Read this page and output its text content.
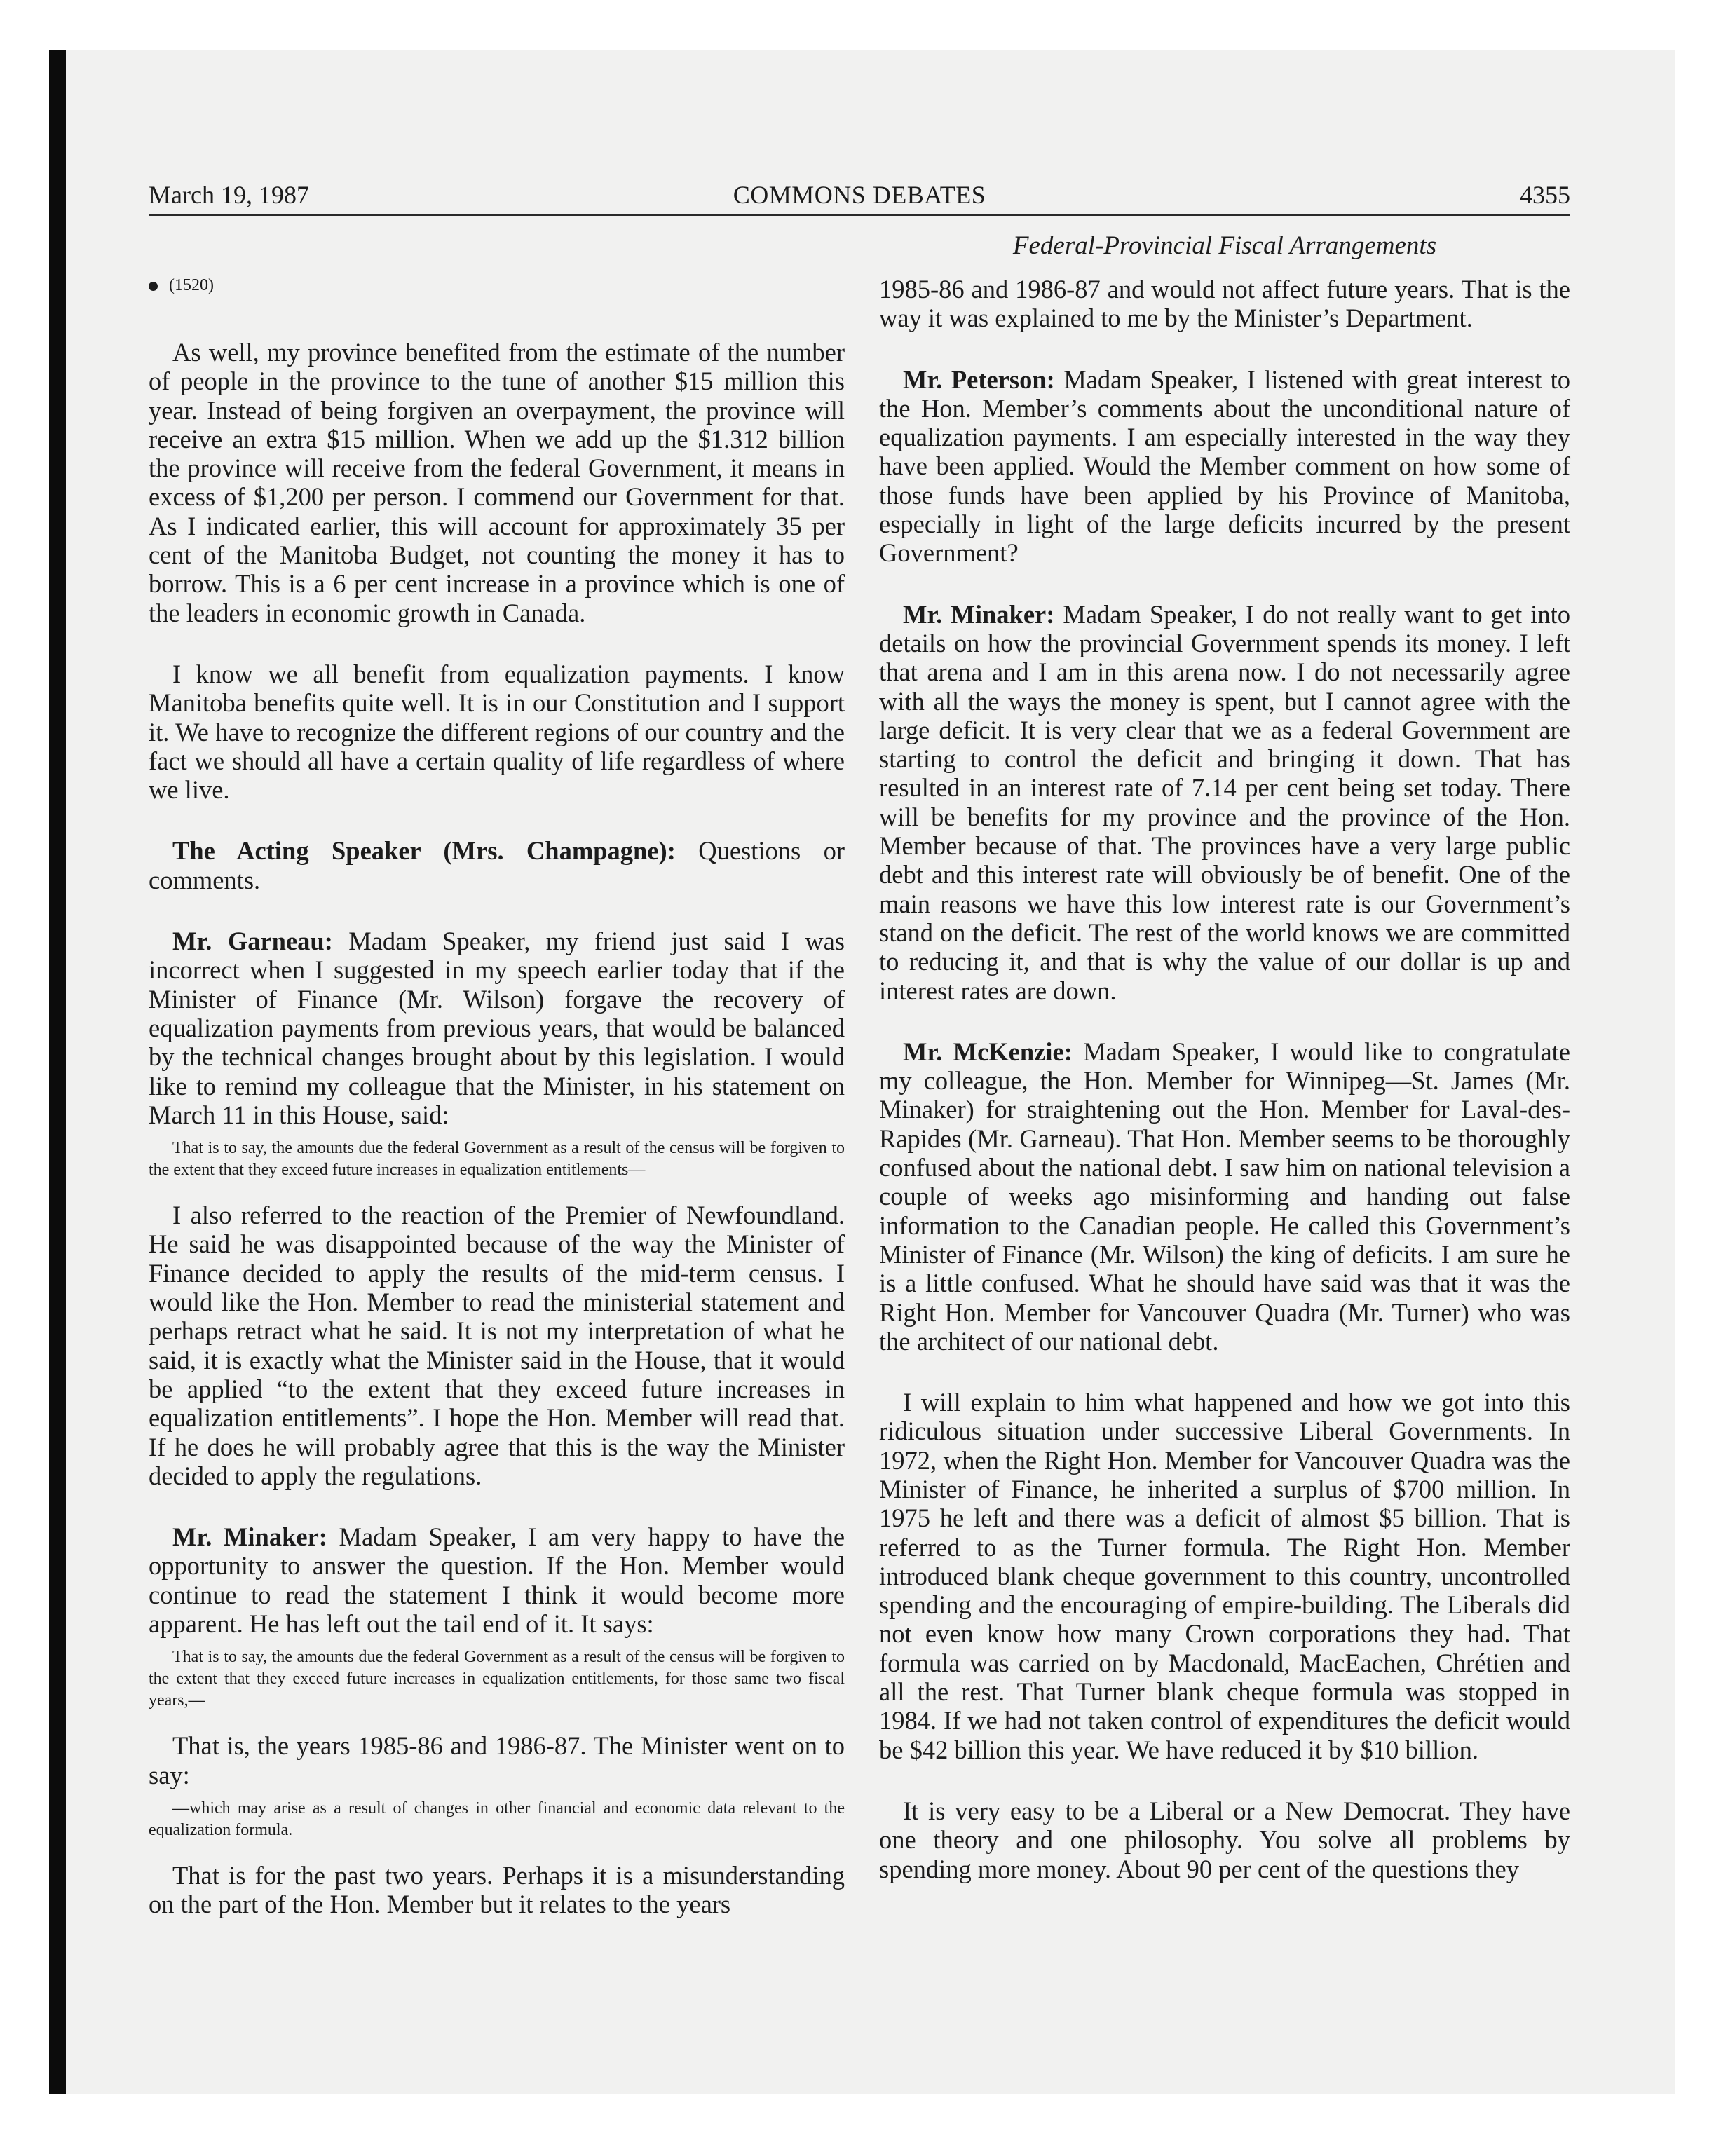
March 19, 1987	COMMONS DEBATES	4355
Federal-Provincial Fiscal Arrangements
(1520)

As well, my province benefited from the estimate of the number of people in the province to the tune of another $15 million this year. Instead of being forgiven an overpayment, the province will receive an extra $15 million. When we add up the $1.312 billion the province will receive from the federal Government, it means in excess of $1,200 per person. I commend our Government for that. As I indicated earlier, this will account for approximately 35 per cent of the Manitoba Budget, not counting the money it has to borrow. This is a 6 per cent increase in a province which is one of the leaders in economic growth in Canada.

I know we all benefit from equalization payments. I know Manitoba benefits quite well. It is in our Constitution and I support it. We have to recognize the different regions of our country and the fact we should all have a certain quality of life regardless of where we live.

The Acting Speaker (Mrs. Champagne): Questions or comments.

Mr. Garneau: Madam Speaker, my friend just said I was incorrect when I suggested in my speech earlier today that if the Minister of Finance (Mr. Wilson) forgave the recovery of equalization payments from previous years, that would be balanced by the technical changes brought about by this legislation. I would like to remind my colleague that the Minister, in his statement on March 11 in this House, said:

That is to say, the amounts due the federal Government as a result of the census will be forgiven to the extent that they exceed future increases in equalization entitlements—

I also referred to the reaction of the Premier of Newfoundland. He said he was disappointed because of the way the Minister of Finance decided to apply the results of the mid-term census. I would like the Hon. Member to read the ministerial statement and perhaps retract what he said. It is not my interpretation of what he said, it is exactly what the Minister said in the House, that it would be applied “to the extent that they exceed future increases in equalization entitlements”. I hope the Hon. Member will read that. If he does he will probably agree that this is the way the Minister decided to apply the regulations.

Mr. Minaker: Madam Speaker, I am very happy to have the opportunity to answer the question. If the Hon. Member would continue to read the statement I think it would become more apparent. He has left out the tail end of it. It says:

That is to say, the amounts due the federal Government as a result of the census will be forgiven to the extent that they exceed future increases in equalization entitlements, for those same two fiscal years,—

That is, the years 1985-86 and 1986-87. The Minister went on to say:

—which may arise as a result of changes in other financial and economic data relevant to the equalization formula.

That is for the past two years. Perhaps it is a misunderstanding on the part of the Hon. Member but it relates to the years

1985-86 and 1986-87 and would not affect future years. That is the way it was explained to me by the Minister’s Department.

Mr. Peterson: Madam Speaker, I listened with great interest to the Hon. Member’s comments about the unconditional nature of equalization payments. I am especially interested in the way they have been applied. Would the Member comment on how some of those funds have been applied by his Province of Manitoba, especially in light of the large deficits incurred by the present Government?

Mr. Minaker: Madam Speaker, I do not really want to get into details on how the provincial Government spends its money. I left that arena and I am in this arena now. I do not necessarily agree with all the ways the money is spent, but I cannot agree with the large deficit. It is very clear that we as a federal Government are starting to control the deficit and bringing it down. That has resulted in an interest rate of 7.14 per cent being set today. There will be benefits for my province and the province of the Hon. Member because of that. The provinces have a very large public debt and this interest rate will obviously be of benefit. One of the main reasons we have this low interest rate is our Government’s stand on the deficit. The rest of the world knows we are committed to reducing it, and that is why the value of our dollar is up and interest rates are down.

Mr. McKenzie: Madam Speaker, I would like to congratulate my colleague, the Hon. Member for Winnipeg—St. James (Mr. Minaker) for straightening out the Hon. Member for Laval-des-Rapides (Mr. Garneau). That Hon. Member seems to be thoroughly confused about the national debt. I saw him on national television a couple of weeks ago misinforming and handing out false information to the Canadian people. He called this Government’s Minister of Finance (Mr. Wilson) the king of deficits. I am sure he is a little confused. What he should have said was that it was the Right Hon. Member for Vancouver Quadra (Mr. Turner) who was the architect of our national debt.

I will explain to him what happened and how we got into this ridiculous situation under successive Liberal Governments. In 1972, when the Right Hon. Member for Vancouver Quadra was the Minister of Finance, he inherited a surplus of $700 million. In 1975 he left and there was a deficit of almost $5 billion. That is referred to as the Turner formula. The Right Hon. Member introduced blank cheque government to this country, uncontrolled spending and the encouraging of empire-building. The Liberals did not even know how many Crown corporations they had. That formula was carried on by Macdonald, MacEachen, Chrétien and all the rest. That Turner blank cheque formula was stopped in 1984. If we had not taken control of expenditures the deficit would be $42 billion this year. We have reduced it by $10 billion.

It is very easy to be a Liberal or a New Democrat. They have one theory and one philosophy. You solve all problems by spending more money. About 90 per cent of the questions they
